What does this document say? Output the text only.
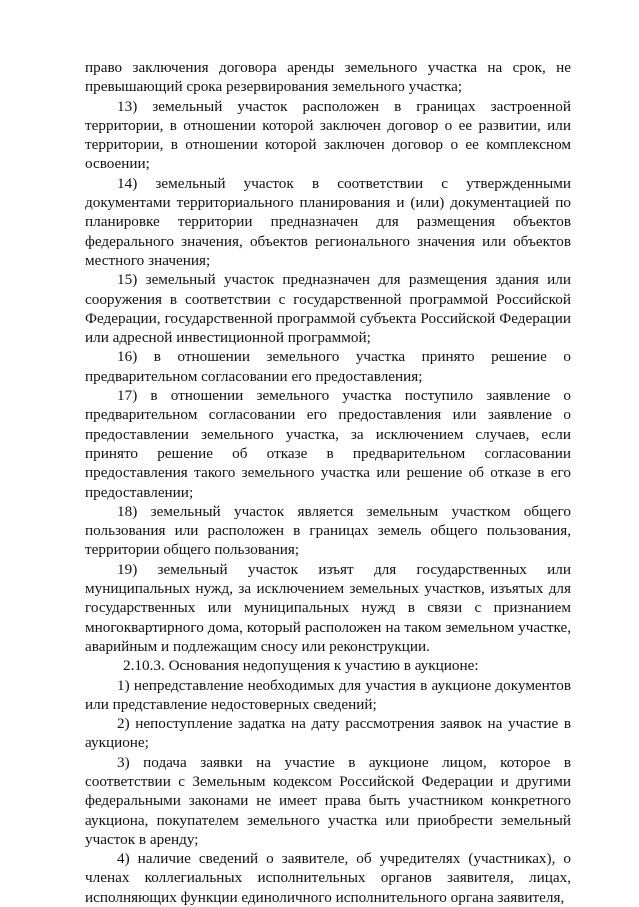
право заключения договора аренды земельного участка на срок, не превышающий срока резервирования земельного участка;

13) земельный участок расположен в границах застроенной территории, в отношении которой заключен договор о ее развитии, или территории, в отношении которой заключен договор о ее комплексном освоении;

14) земельный участок в соответствии с утвержденными документами территориального планирования и (или) документацией по планировке территории предназначен для размещения объектов федерального значения, объектов регионального значения или объектов местного значения;

15) земельный участок предназначен для размещения здания или сооружения в соответствии с государственной программой Российской Федерации, государственной программой субъекта Российской Федерации или адресной инвестиционной программой;

16) в отношении земельного участка принято решение о предварительном согласовании его предоставления;

17) в отношении земельного участка поступило заявление о предварительном согласовании его предоставления или заявление о предоставлении земельного участка, за исключением случаев, если принято решение об отказе в предварительном согласовании предоставления такого земельного участка или решение об отказе в его предоставлении;

18) земельный участок является земельным участком общего пользования или расположен в границах земель общего пользования, территории общего пользования;

19) земельный участок изъят для государственных или муниципальных нужд, за исключением земельных участков, изъятых для государственных или муниципальных нужд в связи с признанием многоквартирного дома, который расположен на таком земельном участке, аварийным и подлежащим сносу или реконструкции.

2.10.3. Основания недопущения к участию в аукционе:

1) непредставление необходимых для участия в аукционе документов или представление недостоверных сведений;

2) непоступление задатка на дату рассмотрения заявок на участие в аукционе;

3) подача заявки на участие в аукционе лицом, которое в соответствии с Земельным кодексом Российской Федерации и другими федеральными законами не имеет права быть участником конкретного аукциона, покупателем земельного участка или приобрести земельный участок в аренду;

4) наличие сведений о заявителе, об учредителях (участниках), о членах коллегиальных исполнительных органов заявителя, лицах, исполняющих функции единоличного исполнительного органа заявителя,
